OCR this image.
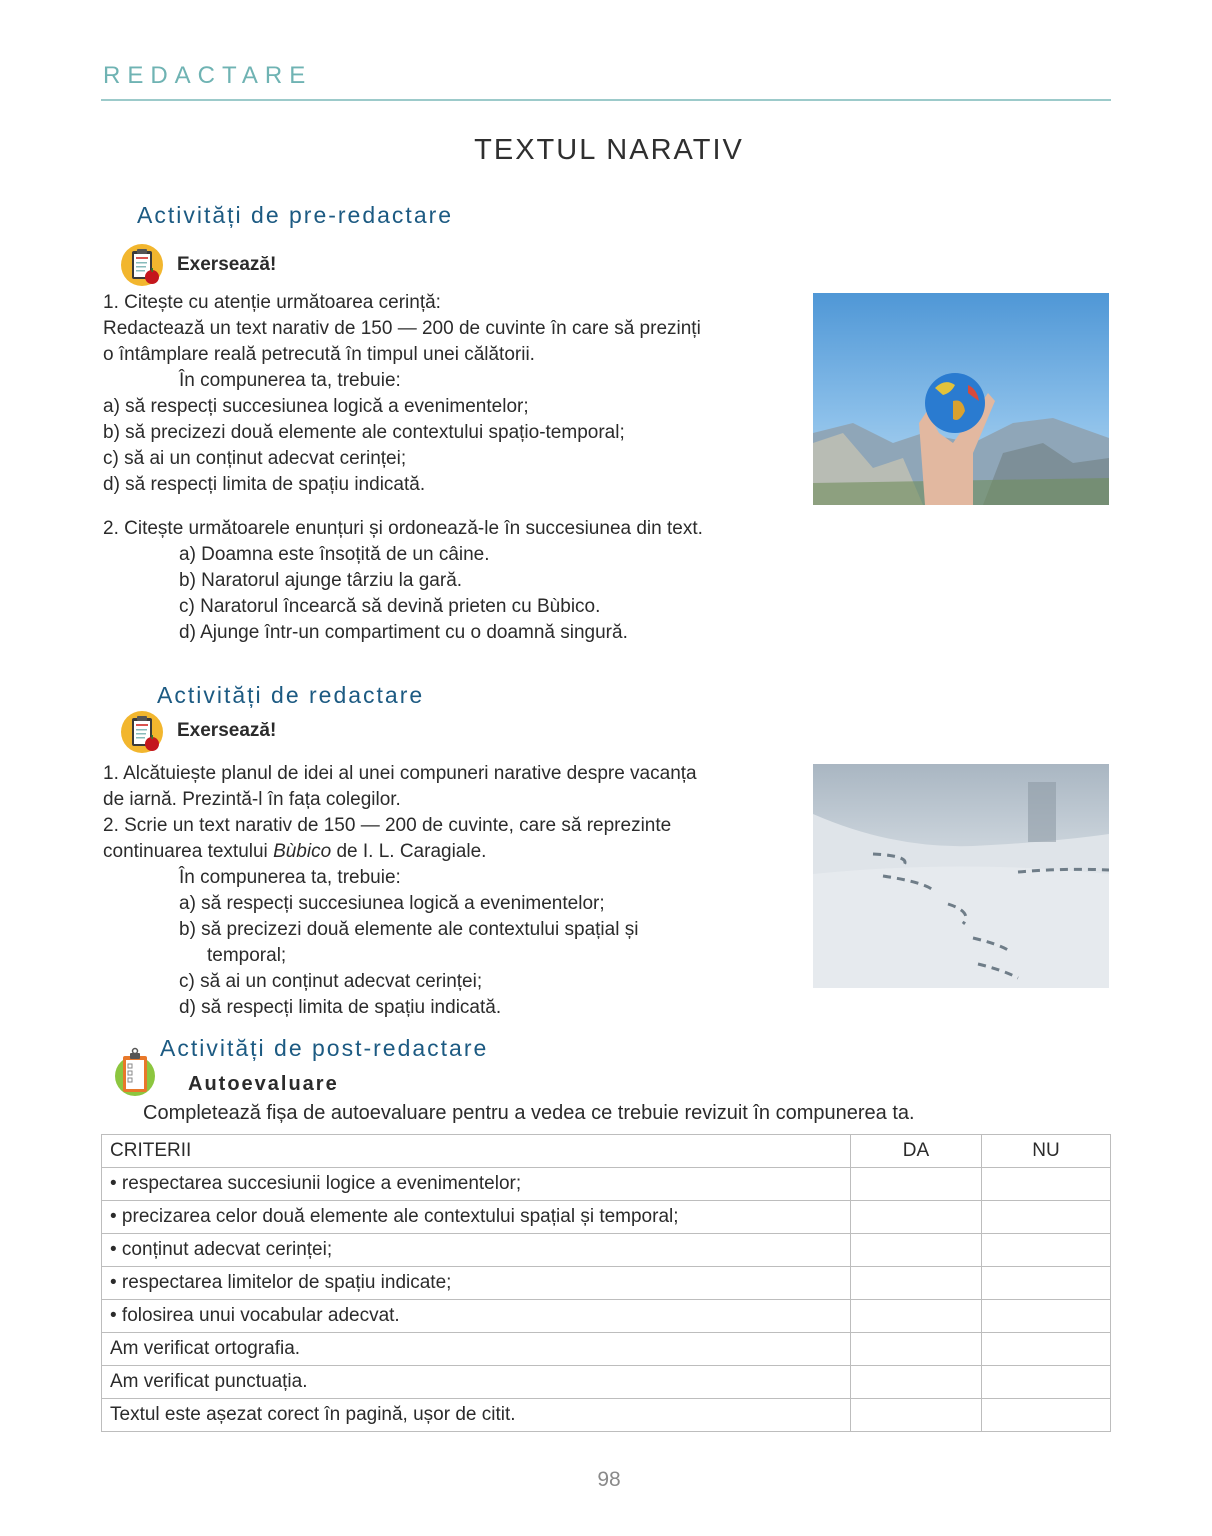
REDACTARE
TEXTUL NARATIV
Activități de pre-redactare
Exersează!
1. Citește cu atenție următoarea cerință:
Redactează un text narativ de 150 — 200 de cuvinte în care să prezinți
o întâmplare reală petrecută în timpul unei călătorii.
În compunerea ta, trebuie:
a) să respecți succesiunea logică a evenimentelor;
b) să precizezi două elemente ale contextului spațio-temporal;
c) să ai un conținut adecvat cerinței;
d) să respecți limita de spațiu indicată.
2. Citește următoarele enunțuri și ordonează-le în succesiunea din text.
a) Doamna este însoțită de un câine.
b) Naratorul ajunge târziu la gară.
c) Naratorul încearcă să devină prieten cu Bùbico.
d) Ajunge într-un compartiment cu o doamnă singură.
Activități de redactare
Exersează!
1. Alcătuiește planul de idei al unei compuneri narative despre vacanța
de iarnă. Prezintă-l în fața colegilor.
2. Scrie un text narativ de 150 — 200 de cuvinte, care să reprezinte
continuarea textului Bùbico de I. L. Caragiale.
În compunerea ta, trebuie:
a) să respecți succesiunea logică a evenimentelor;
b) să precizezi două elemente ale contextului spațial și
temporal;
c) să ai un conținut adecvat cerinței;
d) să respecți limita de spațiu indicată.
Activități de post-redactare
Autoevaluare
Completează fișa de autoevaluare pentru a vedea ce trebuie revizuit în compunerea ta.
CRITERII	DA	NU
• respectarea succesiunii logice a evenimentelor;		
• precizarea celor două elemente ale contextului spațial și temporal;		
• conținut adecvat cerinței;		
• respectarea limitelor de spațiu indicate;		
• folosirea unui vocabular adecvat.		
Am verificat ortografia.		
Am verificat punctuația.		
Textul este așezat corect în pagină, ușor de citit.		
98
